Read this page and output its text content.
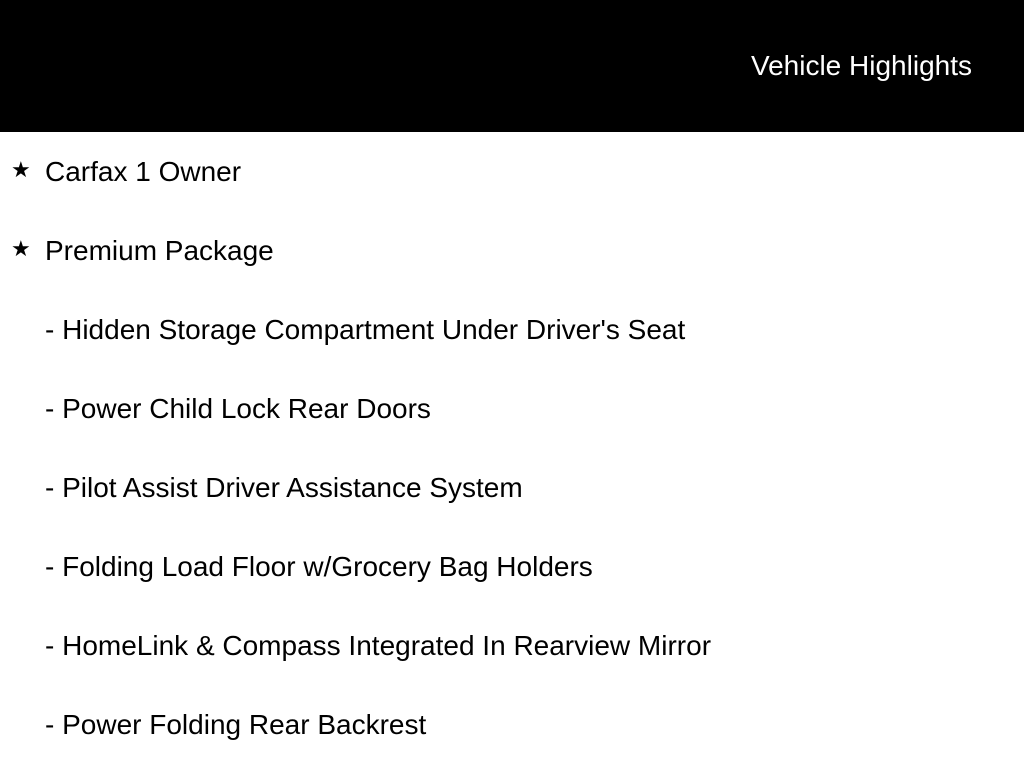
Vehicle Highlights
★ Carfax 1 Owner
★ Premium Package
- Hidden Storage Compartment Under Driver's Seat
- Power Child Lock Rear Doors
- Pilot Assist Driver Assistance System
- Folding Load Floor w/Grocery Bag Holders
- HomeLink & Compass Integrated In Rearview Mirror
- Power Folding Rear Backrest
